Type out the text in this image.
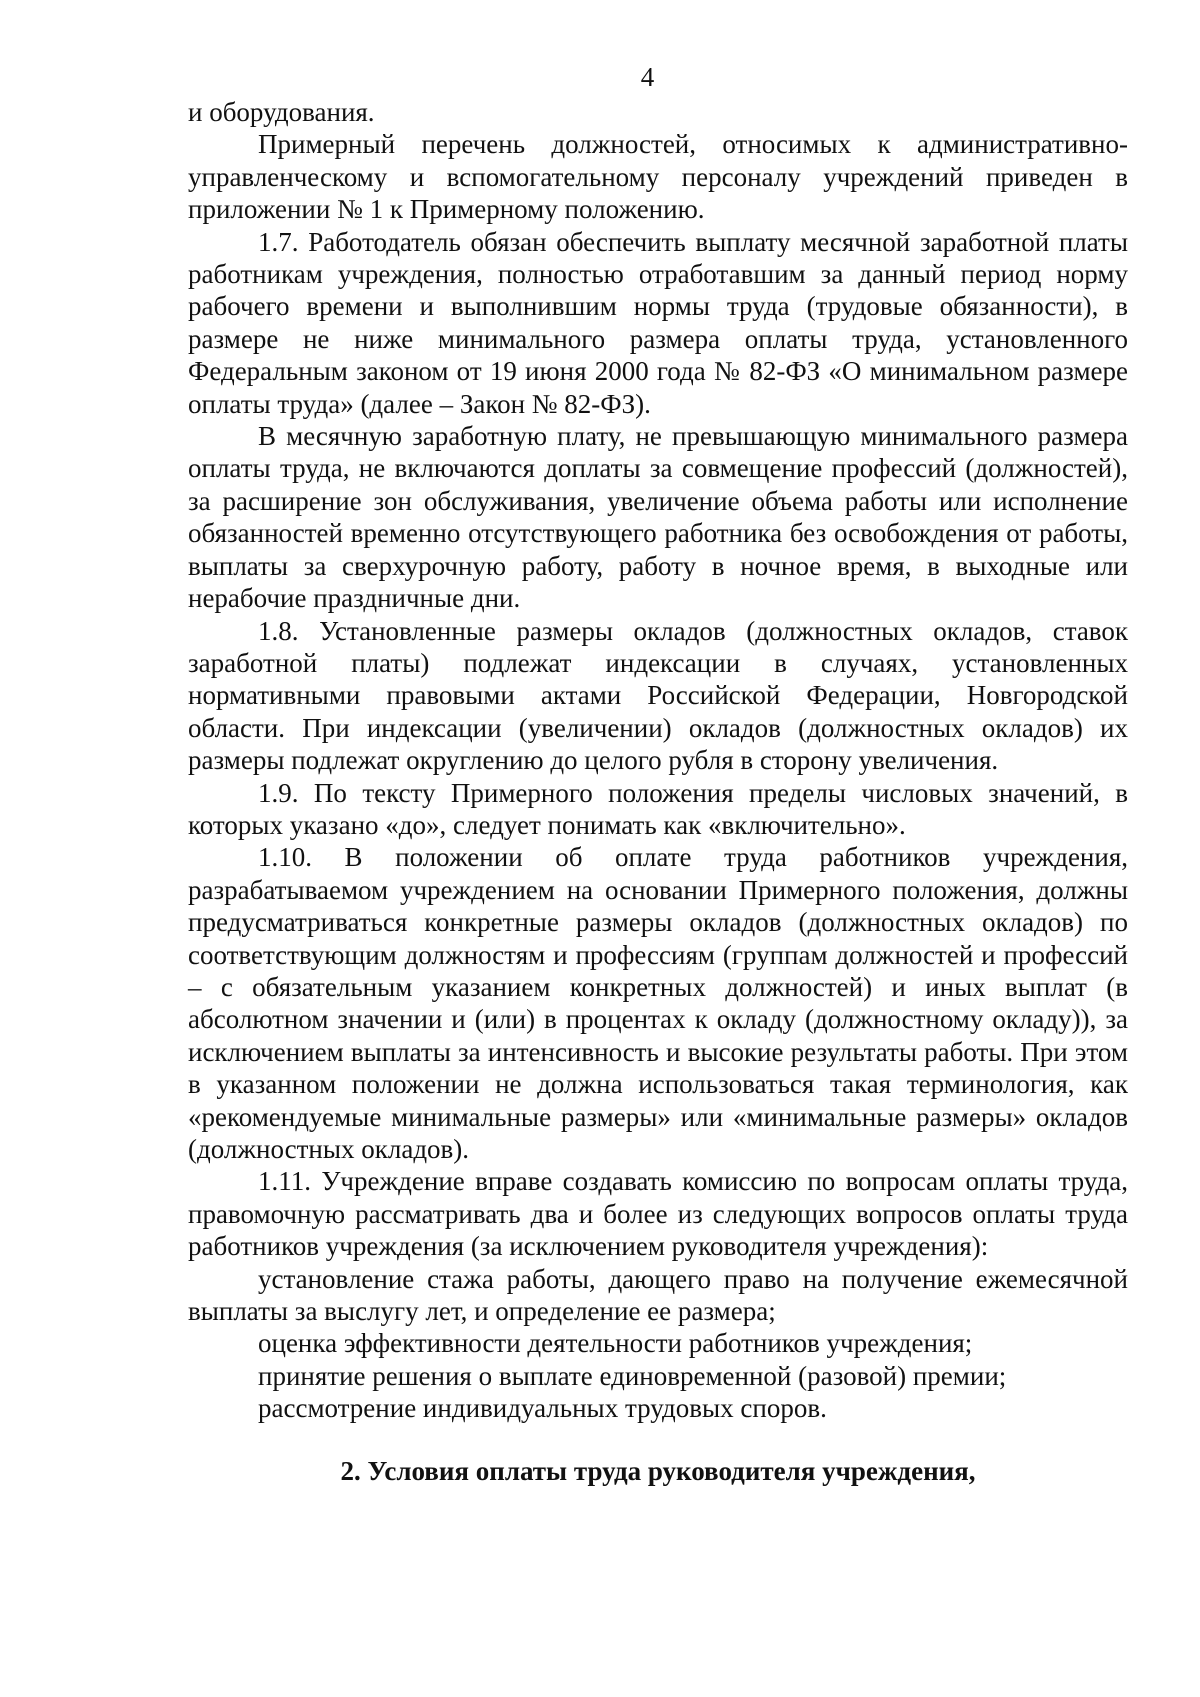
4

и оборудования.

Примерный перечень должностей, относимых к административно-управленческому и вспомогательному персоналу учреждений приведен в приложении № 1 к Примерному положению.

1.7. Работодатель обязан обеспечить выплату месячной заработной платы работникам учреждения, полностью отработавшим за данный период норму рабочего времени и выполнившим нормы труда (трудовые обязанности), в размере не ниже минимального размера оплаты труда, установленного Федеральным законом от 19 июня 2000 года № 82-ФЗ «О минимальном размере оплаты труда» (далее – Закон № 82-ФЗ).

В месячную заработную плату, не превышающую минимального размера оплаты труда, не включаются доплаты за совмещение профессий (должностей), за расширение зон обслуживания, увеличение объема работы или исполнение обязанностей временно отсутствующего работника без освобождения от работы, выплаты за сверхурочную работу, работу в ночное время, в выходные или нерабочие праздничные дни.

1.8. Установленные размеры окладов (должностных окладов, ставок заработной платы) подлежат индексации в случаях, установленных нормативными правовыми актами Российской Федерации, Новгородской области. При индексации (увеличении) окладов (должностных окладов) их размеры подлежат округлению до целого рубля в сторону увеличения.

1.9. По тексту Примерного положения пределы числовых значений, в которых указано «до», следует понимать как «включительно».

1.10. В положении об оплате труда работников учреждения, разрабатываемом учреждением на основании Примерного положения, должны предусматриваться конкретные размеры окладов (должностных окладов) по соответствующим должностям и профессиям (группам должностей и профессий – с обязательным указанием конкретных должностей) и иных выплат (в абсолютном значении и (или) в процентах к окладу (должностному окладу)), за исключением выплаты за интенсивность и высокие результаты работы. При этом в указанном положении не должна использоваться такая терминология, как «рекомендуемые минимальные размеры» или «минимальные размеры» окладов (должностных окладов).

1.11. Учреждение вправе создавать комиссию по вопросам оплаты труда, правомочную рассматривать два и более из следующих вопросов оплаты труда работников учреждения (за исключением руководителя учреждения):

установление стажа работы, дающего право на получение ежемесячной выплаты за выслугу лет, и определение ее размера;

оценка эффективности деятельности работников учреждения;

принятие решения о выплате единовременной (разовой) премии;

рассмотрение индивидуальных трудовых споров.

2. Условия оплаты труда руководителя учреждения,
